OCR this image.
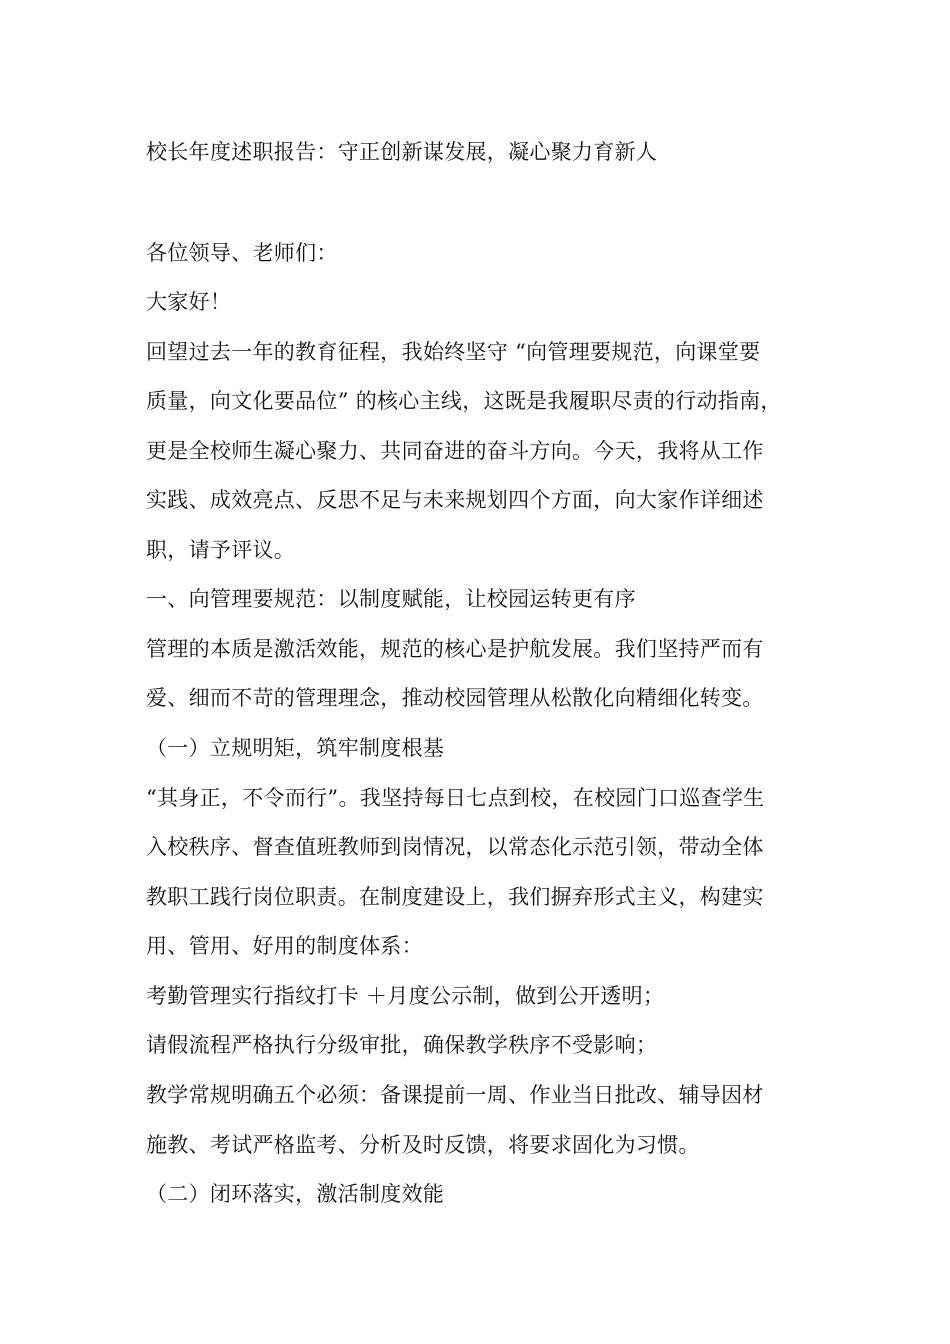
校长年度述职报告：守正创新谋发展，凝心聚力育新人
各位领导、老师们：
大家好！
回望过去一年的教育征程，我始终坚守 “向管理要规范，向课堂要
质量，向文化要品位” 的核心主线，这既是我履职尽责的行动指南，
更是全校师生凝心聚力、共同奋进的奋斗方向。今天，我将从工作
实践、成效亮点、反思不足与未来规划四个方面，向大家作详细述
职，请予评议。
一、向管理要规范：以制度赋能，让校园运转更有序
管理的本质是激活效能，规范的核心是护航发展。我们坚持严而有
爱、细而不苛的管理理念，推动校园管理从松散化向精细化转变。
（一）立规明矩，筑牢制度根基
“其身正，不令而行”。我坚持每日七点到校，在校园门口巡查学生
入校秩序、督查值班教师到岗情况，以常态化示范引领，带动全体
教职工践行岗位职责。在制度建设上，我们摒弃形式主义，构建实
用、管用、好用的制度体系：
考勤管理实行指纹打卡 ＋月度公示制，做到公开透明；
请假流程严格执行分级审批，确保教学秩序不受影响；
教学常规明确五个必须：备课提前一周、作业当日批改、辅导因材
施教、考试严格监考、分析及时反馈，将要求固化为习惯。
（二）闭环落实，激活制度效能
